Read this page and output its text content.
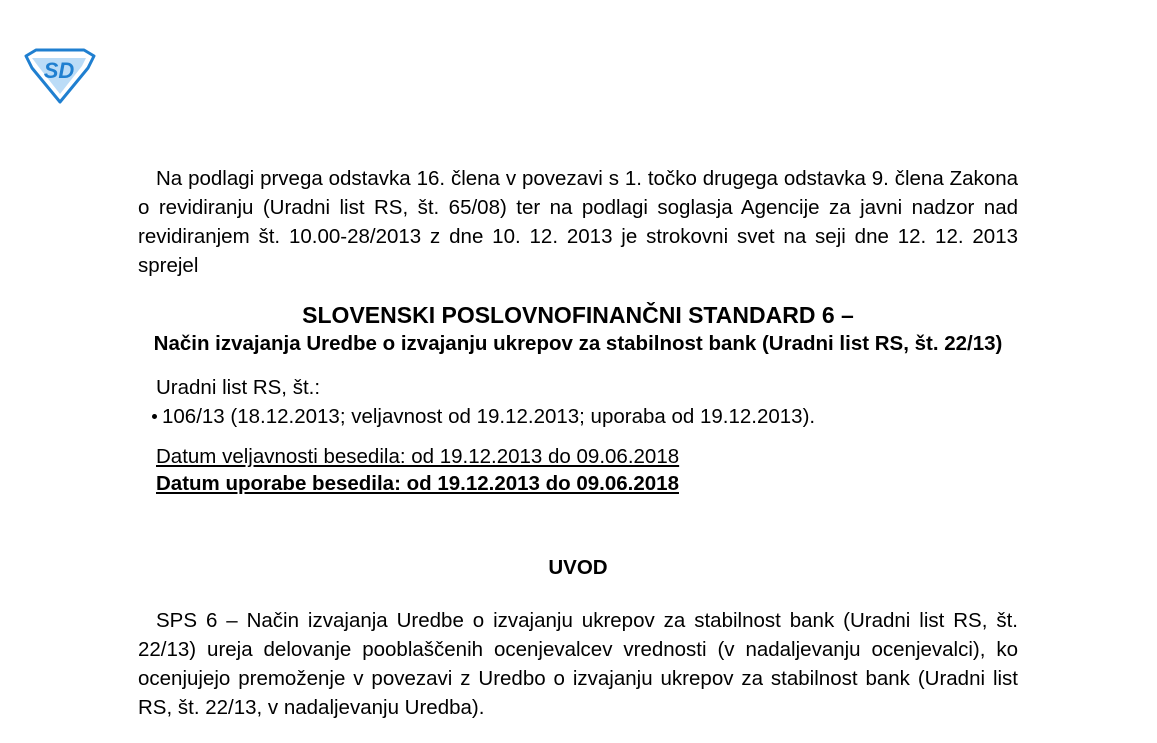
SD

Na podlagi prvega odstavka 16. člena v povezavi s 1. točko drugega odstavka 9. člena Zakona o revidiranju (Uradni list RS, št. 65/08) ter na podlagi soglasja Agencije za javni nadzor nad revidiranjem št. 10.00-28/2013 z dne 10. 12. 2013 je strokovni svet na seji dne 12. 12. 2013 sprejel

SLOVENSKI POSLOVNOFINANČNI STANDARD 6 –
Način izvajanja Uredbe o izvajanju ukrepov za stabilnost bank (Uradni list RS, št. 22/13)
Uradni list RS, št.:
106/13 (18.12.2013; veljavnost od 19.12.2013; uporaba od 19.12.2013).
Datum veljavnosti besedila: od 19.12.2013 do 09.06.2018
Datum uporabe besedila: od 19.12.2013 do 09.06.2018
UVOD

SPS 6 – Način izvajanja Uredbe o izvajanju ukrepov za stabilnost bank (Uradni list RS, št. 22/13) ureja delovanje pooblaščenih ocenjevalcev vrednosti (v nadaljevanju ocenjevalci), ko ocenjujejo premoženje v povezavi z Uredbo o izvajanju ukrepov za stabilnost bank (Uradni list RS, št. 22/13, v nadaljevanju Uredba).
